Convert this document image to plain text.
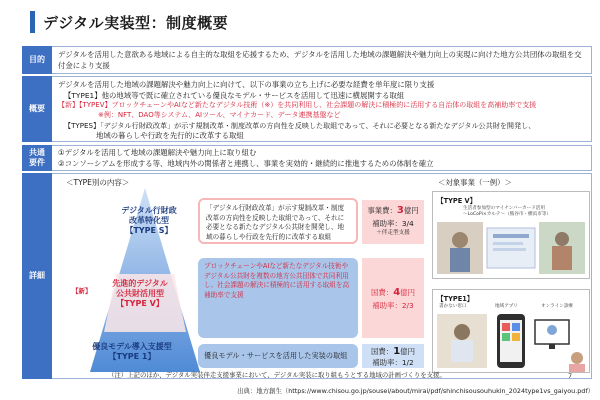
デジタル実装型：制度概要
目的
デジタルを活用した意欲ある地域による自主的な取組を応援するため、デジタルを活用した地域の課題解決や魅力向上の実現に向けた地方公共団体の取組を交付金により支援
概要
デジタルを活用した地域の課題解決や魅力向上に向けて、以下の事業の立ち上げに必要な経費を単年度に限り支援
【TYPE1】他の地域等で既に確立されている優良なモデル・サービスを活用して迅速に横展開する取組
【新】【TYPEV】ブロックチェーンやAIなど新たなデジタル技術（※）を共同利用し、社会課題の解決に積極的に活用する自治体の取組を高補助率で支援
※例：NFT、DAO等システム、AIツール、マイナカード、データ連携基盤など
【TYPES】「デジタル行財政改革」が示す規制改革・制度改革の方向性を反映した取組であって、それに必要となる新たなデジタル公共財を開発し、
地域の暮らしや行政を先行的に改革する取組
共通
要件
①デジタルを活用して地域の課題解決や魅力向上に取り組む
②コンソーシアムを形成する等、地域内外の関係者と連携し、事業を実効的・継続的に推進するための体制を確立
詳細
＜TYPE別の内容＞
デジタル行財政
改革特化型
【TYPE S】
【新】
先進的デジタル
公共財活用型
【TYPE V】
優良モデル導入支援型
【TYPE 1】
「デジタル行財政改革」が示す規制改革・制度改革の方向性を反映した取組であって、それに必要となる新たなデジタル公共財を開発し、地域の暮らしや行政を先行的に改革する取組
ブロックチェーンやAIなど新たなデジタル技術やデジタル公共財を複数の地方公共団体で共同利用し、社会課題の解決に積極的に活用する取組を高補助率で支援
優良モデル・サービスを活用した実装の取組
事業費：3億円
補助率：3/4
＋伴走型支援
国費：4億円
補助率：2/3
国費：1億円
補助率：1/2
＜対象事業（一例）＞
【TYPE V】
生活者参加型のマイナンバーカード活用
～LoCoPi×カルテ～（熊谷市・横浜市等）
【TYPE1】
書かない窓口	地域アプリ	オンライン診療
（注）上記のほか、デジタル実装伴走支援事業において、デジタル実装に取り組もうとする地域の計画づくりを支援。	7
出典：地方創生（https://www.chisou.go.jp/sousei/about/mirai/pdf/shinchisousouhukin_2024type1vs_gaiyou.pdf）
